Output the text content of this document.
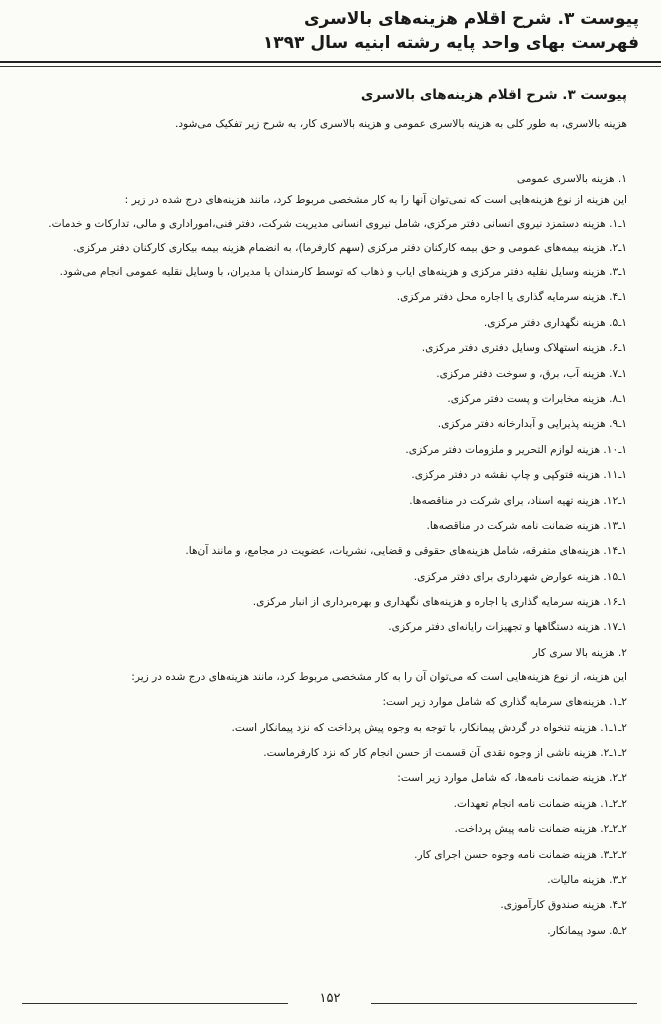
پیوست ۳. شرح اقلام هزینه‌های بالاسری
فهرست بهای واحد پایه رشته ابنیه سال ۱۳۹۳
پیوست ۳. شرح اقلام هزینه‌های بالاسری
هزینه بالاسری، به طور کلی به هزینه بالاسری عمومی و هزینه بالاسری کار، به شرح زیر تفکیک می‌شود.
۱. هزینه بالاسری عمومی
این هزینه از نوع هزینه‌هایی است که نمی‌توان آنها را به کار مشخصی مربوط کرد، مانند هزینه‌های درج شده در زیر :
۱ـ۱. هزینه دستمزد نیروی انسانی دفتر مرکزی، شامل نیروی انسانی مدیریت شرکت، دفتر فنی،اموراداری و مالی، تدارکات و خدمات.
۱ـ۲. هزینه بیمه‌های عمومی و حق بیمه کارکنان دفتر مرکزی (سهم کارفرما)، به انضمام هزینه بیمه بیکاری کارکنان دفتر مرکزی.
۱ـ۳. هزینه وسایل نقلیه دفتر مرکزی و هزینه‌های ایاب و ذهاب که توسط کارمندان یا مدیران، با وسایل نقلیه عمومی انجام می‌شود.
۱ـ۴. هزینه سرمایه گذاری یا اجاره محل دفتر مرکزی.
۱ـ۵. هزینه نگهداری دفتر مرکزی.
۱ـ۶. هزینه استهلاک وسایل دفتری دفتر مرکزی.
۱ـ۷. هزینه آب، برق، و سوخت دفتر مرکزی.
۱ـ۸. هزینه مخابرات و پست دفتر مرکزی.
۱ـ۹. هزینه پذیرایی و آبدارخانه دفتر مرکزی.
۱ـ۱۰. هزینه لوازم التحریر و ملزومات دفتر مرکزی.
۱ـ۱۱. هزینه فتوکپی و چاپ نقشه در دفتر مرکزی.
۱ـ۱۲. هزینه تهیه اسناد، برای شرکت در مناقصه‌ها.
۱ـ۱۳. هزینه ضمانت نامه شرکت در مناقصه‌ها.
۱ـ۱۴. هزینه‌های متفرقه، شامل هزینه‌های حقوقی و قضایی، نشریات، عضویت در مجامع، و مانند آن‌ها.
۱ـ۱۵. هزینه عوارض شهرداری برای دفتر مرکزی.
۱ـ۱۶. هزینه سرمایه گذاری یا اجاره و هزینه‌های نگهداری و بهره‌برداری از انبار مرکزی.
۱ـ۱۷. هزینه دستگاهها و تجهیزات رایانه‌ای دفتر مرکزی.
۲. هزینه بالا سری کار
این هزینه، از نوع هزینه‌هایی است که می‌توان آن را به کار مشخصی مربوط کرد، مانند هزینه‌های درج شده در زیر:
۲ـ۱. هزینه‌های سرمایه گذاری که شامل موارد زیر است:
۲ـ۱ـ۱. هزینه تنخواه در گردش پیمانکار، با توجه به وجوه پیش پرداخت که نزد پیمانکار است.
۲ـ۱ـ۲. هزینه ناشی از وجوه نقدی آن قسمت از حسن انجام کار که نزد کارفرماست.
۲ـ۲. هزینه ضمانت نامه‌ها، که شامل موارد زیر است:
۲ـ۲ـ۱. هزینه ضمانت نامه انجام تعهدات.
۲ـ۲ـ۲. هزینه ضمانت نامه پیش پرداخت.
۲ـ۲ـ۳. هزینه ضمانت نامه وجوه حسن اجرای کار.
۲ـ۳. هزینه مالیات.
۲ـ۴. هزینه صندوق کارآموزی.
۲ـ۵. سود پیمانکار.
۱۵۲
